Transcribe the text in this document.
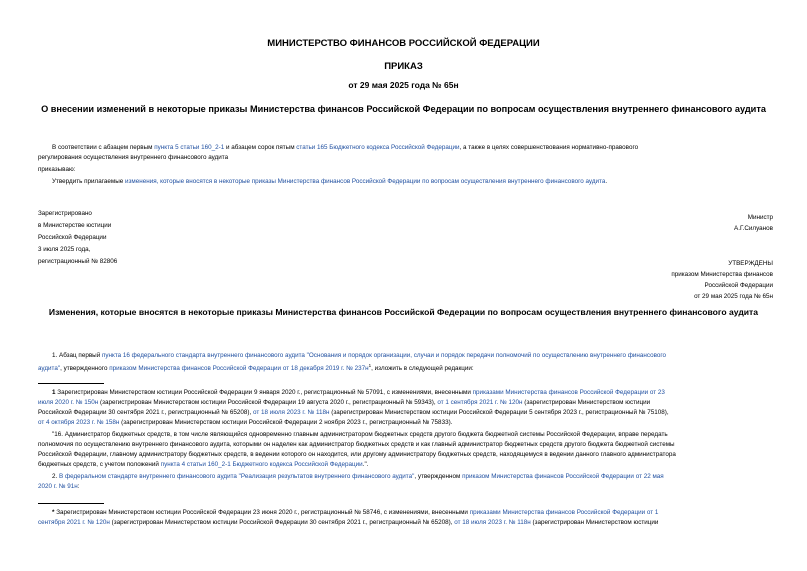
МИНИСТЕРСТВО ФИНАНСОВ РОССИЙСКОЙ ФЕДЕРАЦИИ
ПРИКАЗ
от 29 мая 2025 года № 65н
О внесении изменений в некоторые приказы Министерства финансов Российской Федерации по вопросам осуществления внутреннего финансового аудита
В соответствии с абзацем первым пункта 5 статьи 160_2-1 и абзацем сорок пятым статьи 165 Бюджетного кодекса Российской Федерации, а также в целях совершенствования нормативно-правового
регулирования осуществления внутреннего финансового аудита
приказываю:
Утвердить прилагаемые изменения, которые вносятся в некоторые приказы Министерства финансов Российской Федерации по вопросам осуществления внутреннего финансового аудита.
Министр
А.Г.Силуанов
Зарегистрировано
в Министерстве юстиции
Российской Федерации
3 июля 2025 года,
регистрационный № 82806	УТВЕРЖДЕНЫ
приказом Министерства финансов
Российской Федерации
от 29 мая 2025 года № 65н
Изменения, которые вносятся в некоторые приказы Министерства финансов Российской Федерации по вопросам осуществления внутреннего финансового аудита
1. Абзац первый пункта 16 федерального стандарта внутреннего финансового аудита "Основания и порядок организации, случаи и порядок передачи полномочий по осуществлению внутреннего финансового
аудита", утвержденного приказом Министерства финансов Российской Федерации от 18 декабря 2019 г. № $237н^1$, изложить в следующей редакции:
1 Зарегистрирован Министерством юстиции Российской Федерации 9 января 2020 г., регистрационный № 57091, с изменениями, внесенными приказами Министерства финансов Российской Федерации от 23
июля 2020 г. № 150н (зарегистрирован Министерством юстиции Российской Федерации 19 августа 2020 г., регистрационный № 59343), от 1 сентября 2021 г. № 120н (зарегистрирован Министерством юстиции
Российской Федерации 30 сентября 2021 г., регистрационный № 65208), от 18 июля 2023 г. № 118н (зарегистрирован Министерством юстиции Российской Федерации 5 сентября 2023 г., регистрационный № 75108),
от 4 октября 2023 г. № 158н (зарегистрирован Министерством юстиции Российской Федерации 2 ноября 2023 г., регистрационный № 75833).
"16. Администратор бюджетных средств, в том числе являющийся одновременно главным администратором бюджетных средств другого бюджета бюджетной системы Российской Федерации, вправе передать
полномочия по осуществлению внутреннего финансового аудита, которыми он наделен как администратор бюджетных средств и как главный администратор бюджетных средств другого бюджета бюджетной системы
Российской Федерации, главному администратору бюджетных средств, в ведении которого он находится, или другому администратору бюджетных средств, находящемуся в ведении данного главного администратора
бюджетных средств, с учетом положений пункта 4 статьи 160_2-1 Бюджетного кодекса Российской Федерации.".
2. В федеральном стандарте внутреннего финансового аудита "Реализация результатов внутреннего финансового аудита", утвержденном приказом Министерства финансов Российской Федерации от 22 мая
2020 г. № 91н:
* Зарегистрирован Министерством юстиции Российской Федерации 23 июня 2020 г., регистрационный № 58746, с изменениями, внесенными приказами Министерства финансов Российской Федерации от 1
сентября 2021 г. № 120н (зарегистрирован Министерством юстиции Российской Федерации 30 сентября 2021 г., регистрационный № 65208), от 18 июля 2023 г. № 118н (зарегистрирован Министерством юстиции
